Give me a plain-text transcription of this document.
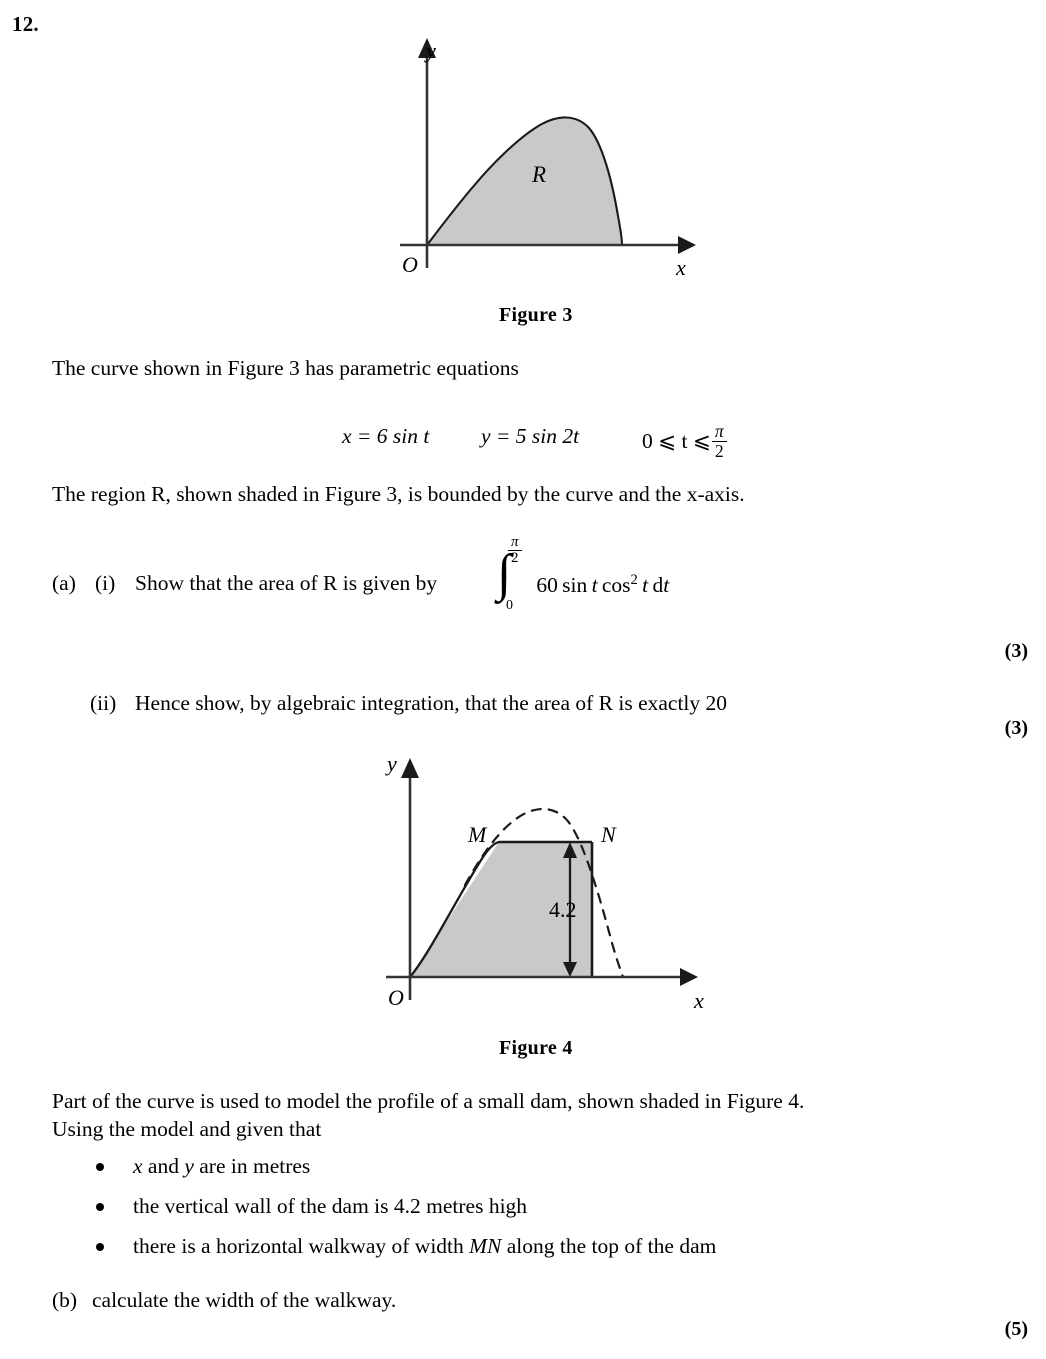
12.
y
x
O
R
Figure 3
The curve shown in Figure 3 has parametric equations
x = 6 sin t y = 5 sin 2t	0 ⩽ t ⩽ $\frac{\pi}{2}$
The region R, shown shaded in Figure 3, is bounded by the curve and the x-axis.
(a) (i) Show that the area of R is given by ∫
$\frac{\pi}{2}$
0
60 sin t $\cos^2 t$ dt
(3)
(ii) Hence show, by algebraic integration, that the area of R is exactly 20
(3)
y
x
O
M	N
4.2
Figure 4
Part of the curve is used to model the profile of a small dam, shown shaded in Figure 4.
Using the model and given that
x and y are in metres
the vertical wall of the dam is 4.2 metres high
there is a horizontal walkway of width MN along the top of the dam
(b) calculate the width of the walkway.
(5)
